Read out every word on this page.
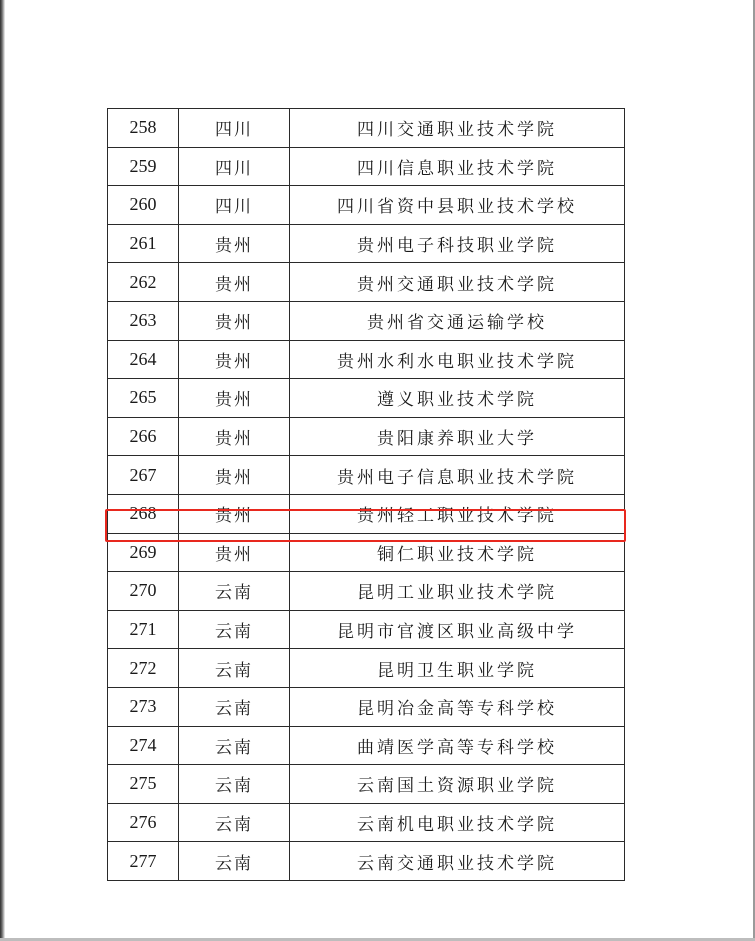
258	四川	四川交通职业技术学院
259	四川	四川信息职业技术学院
260	四川	四川省资中县职业技术学校
261	贵州	贵州电子科技职业学院
262	贵州	贵州交通职业技术学院
263	贵州	贵州省交通运输学校
264	贵州	贵州水利水电职业技术学院
265	贵州	遵义职业技术学院
266	贵州	贵阳康养职业大学
267	贵州	贵州电子信息职业技术学院
268	贵州	贵州轻工职业技术学院
269	贵州	铜仁职业技术学院
270	云南	昆明工业职业技术学院
271	云南	昆明市官渡区职业高级中学
272	云南	昆明卫生职业学院
273	云南	昆明冶金高等专科学校
274	云南	曲靖医学高等专科学校
275	云南	云南国土资源职业学院
276	云南	云南机电职业技术学院
277	云南	云南交通职业技术学院
